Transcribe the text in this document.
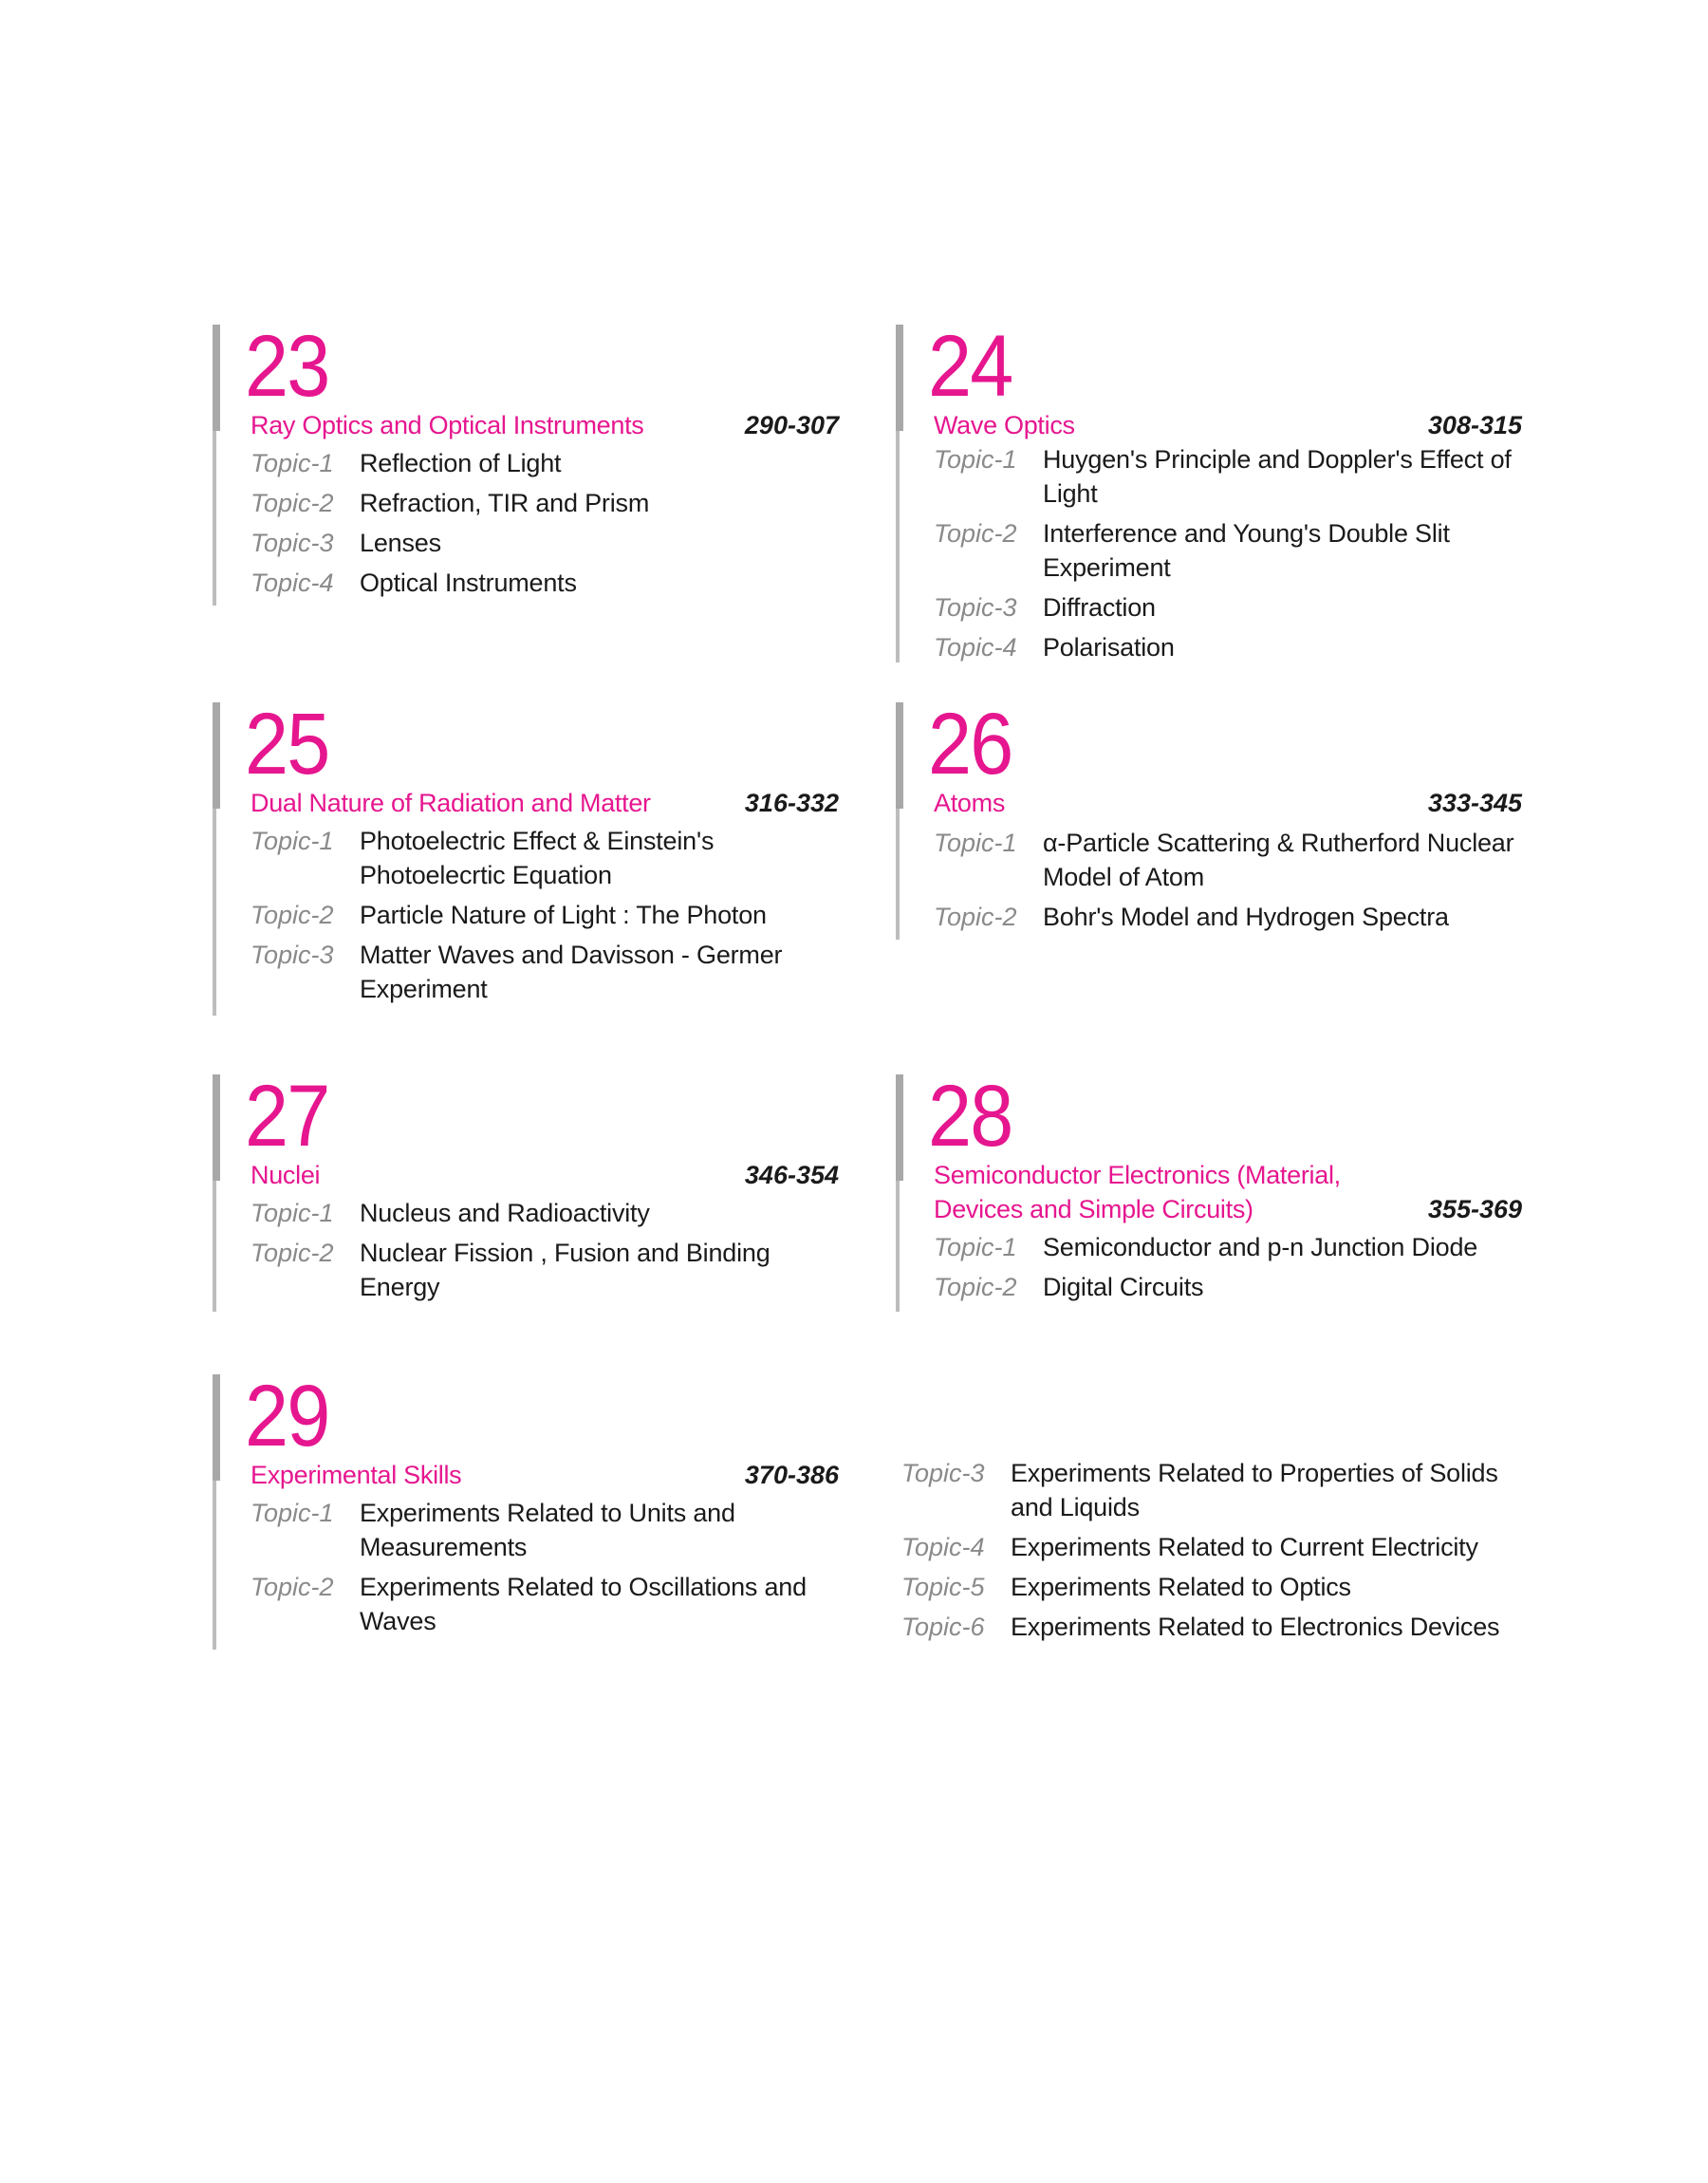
23
Ray Optics and Optical Instruments	290-307
Topic-1	Reflection of Light
Topic-2	Refraction, TIR and Prism
Topic-3	Lenses
Topic-4	Optical Instruments
24
Wave Optics	308-315
Topic-1	Huygen's Principle and Doppler's Effect of Light
Topic-2	Interference and Young's Double Slit Experiment
Topic-3	Diffraction
Topic-4	Polarisation
25
Dual Nature of Radiation and Matter	316-332
Topic-1	Photoelectric Effect & Einstein's Photoelecrtic Equation
Topic-2	Particle Nature of Light : The Photon
Topic-3	Matter Waves and Davisson - Germer Experiment
26
Atoms	333-345
Topic-1	α-Particle Scattering & Rutherford Nuclear Model of Atom
Topic-2	Bohr's Model and Hydrogen Spectra
27
Nuclei	346-354
Topic-1	Nucleus and Radioactivity
Topic-2	Nuclear Fission , Fusion and Binding Energy
28
Semiconductor Electronics (Material, Devices and Simple Circuits)	355-369
Topic-1	Semiconductor and p-n Junction Diode
Topic-2	Digital Circuits
29
Experimental Skills	370-386
Topic-1	Experiments Related to Units and Measurements
Topic-2	Experiments Related to Oscillations and Waves
Topic-3	Experiments Related to Properties of Solids and Liquids
Topic-4	Experiments Related to Current Electricity
Topic-5	Experiments Related to Optics
Topic-6	Experiments Related to Electronics Devices
